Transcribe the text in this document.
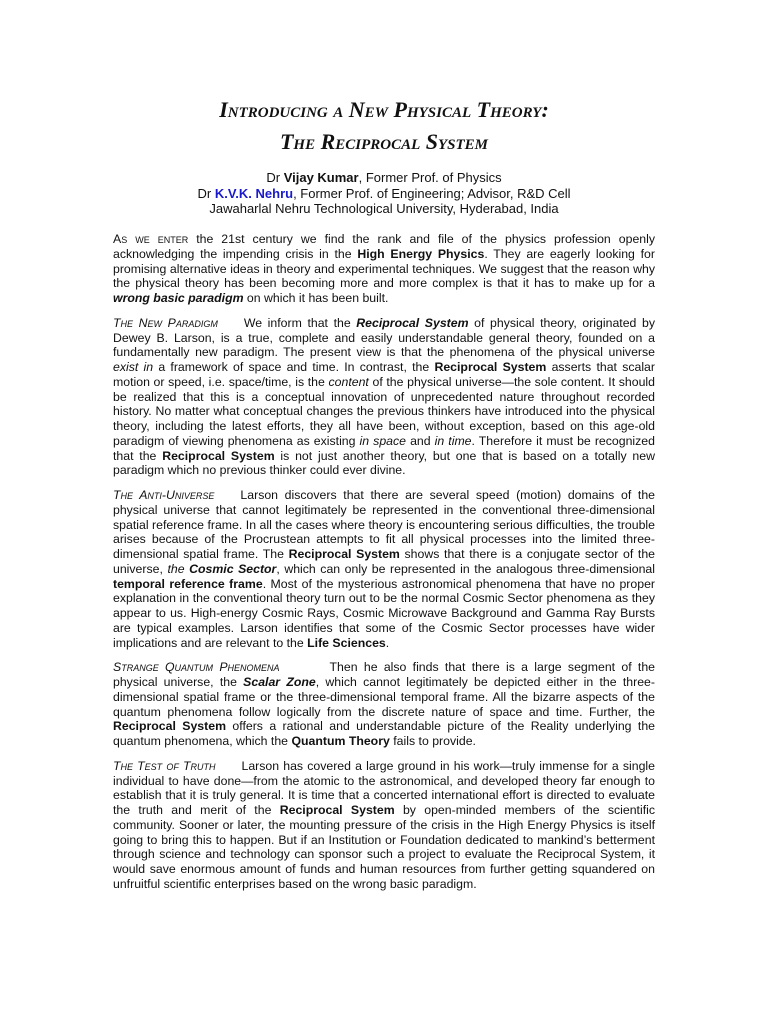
Introducing a New Physical Theory:
The Reciprocal System
Dr Vijay Kumar, Former Prof. of Physics
Dr K.V.K. Nehru, Former Prof. of Engineering; Advisor, R&D Cell
Jawaharlal Nehru Technological University, Hyderabad, India

As we enter the 21st century we find the rank and file of the physics profession openly acknowledging the impending crisis in the High Energy Physics. They are eagerly looking for promising alternative ideas in theory and experimental techniques. We suggest that the reason why the physical theory has been becoming more and more complex is that it has to make up for a wrong basic paradigm on which it has been built.

The New Paradigm We inform that the Reciprocal System of physical theory, originated by Dewey B. Larson, is a true, complete and easily understandable general theory, founded on a fundamentally new paradigm. The present view is that the phenomena of the physical universe exist in a framework of space and time. In contrast, the Reciprocal System asserts that scalar motion or speed, i.e. space/time, is the content of the physical universe—the sole content. It should be realized that this is a conceptual innovation of unprecedented nature throughout recorded history. No matter what conceptual changes the previous thinkers have introduced into the physical theory, including the latest efforts, they all have been, without exception, based on this age-old paradigm of viewing phenomena as existing in space and in time. Therefore it must be recognized that the Reciprocal System is not just another theory, but one that is based on a totally new paradigm which no previous thinker could ever divine.

The Anti-Universe Larson discovers that there are several speed (motion) domains of the physical universe that cannot legitimately be represented in the conventional three-dimensional spatial reference frame. In all the cases where theory is encountering serious difficulties, the trouble arises because of the Procrustean attempts to fit all physical processes into the limited three-dimensional spatial frame. The Reciprocal System shows that there is a conjugate sector of the universe, the Cosmic Sector, which can only be represented in the analogous three-dimensional temporal reference frame. Most of the mysterious astronomical phenomena that have no proper explanation in the conventional theory turn out to be the normal Cosmic Sector phenomena as they appear to us. High-energy Cosmic Rays, Cosmic Microwave Background and Gamma Ray Bursts are typical examples. Larson identifies that some of the Cosmic Sector processes have wider implications and are relevant to the Life Sciences.

Strange Quantum Phenomena	Then he also finds that there is a large segment of the physical universe, the Scalar Zone, which cannot legitimately be depicted either in the three-dimensional spatial frame or the three-dimensional temporal frame. All the bizarre aspects of the quantum phenomena follow logically from the discrete nature of space and time. Further, the Reciprocal System offers a rational and understandable picture of the Reality underlying the quantum phenomena, which the Quantum Theory fails to provide.

The Test of Truth Larson has covered a large ground in his work—truly immense for a single individual to have done—from the atomic to the astronomical, and developed theory far enough to establish that it is truly general. It is time that a concerted international effort is directed to evaluate the truth and merit of the Reciprocal System by open-minded members of the scientific community. Sooner or later, the mounting pressure of the crisis in the High Energy Physics is itself going to bring this to happen. But if an Institution or Foundation dedicated to mankind’s betterment through science and technology can sponsor such a project to evaluate the Reciprocal System, it would save enormous amount of funds and human resources from further getting squandered on unfruitful scientific enterprises based on the wrong basic paradigm.
